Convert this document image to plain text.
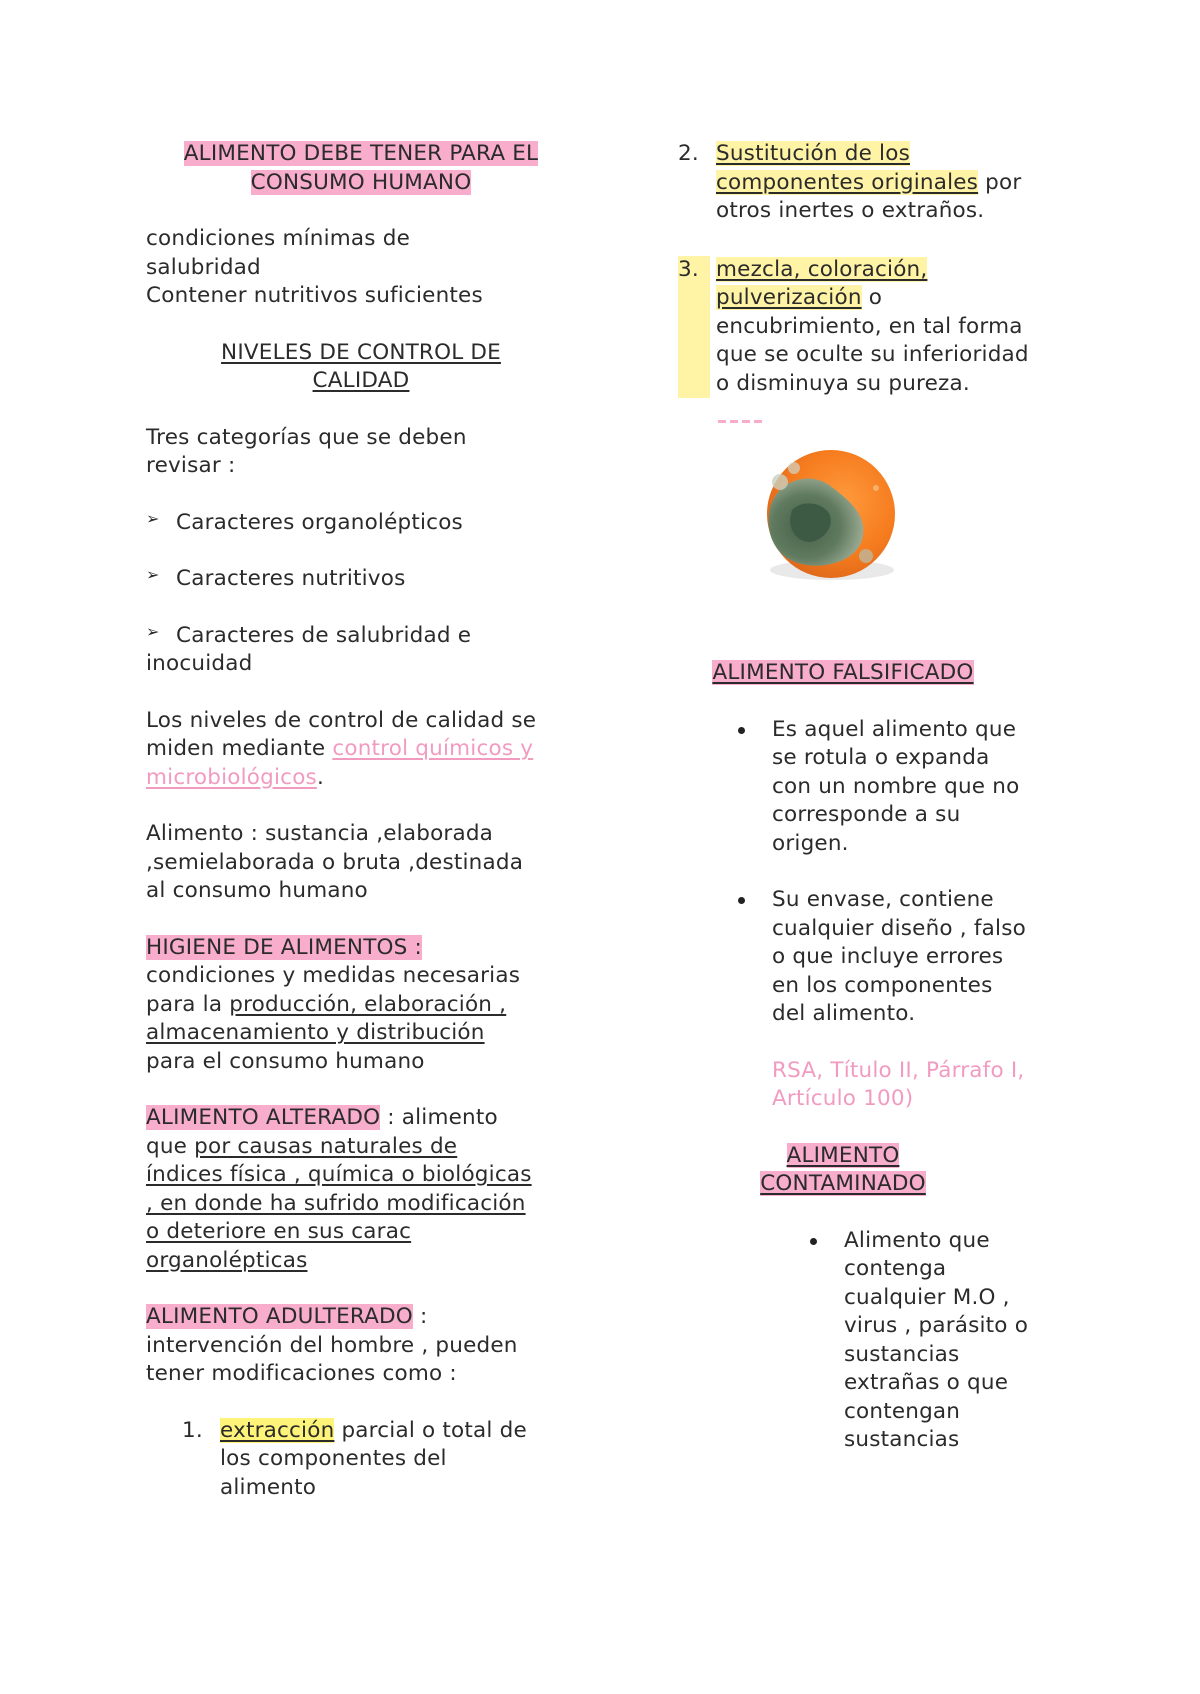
ALIMENTO DEBE TENER PARA EL

CONSUMO HUMANO

condiciones mínimas de

salubridad

Contener nutritivos suficientes

NIVELES DE CONTROL DE

CALIDAD

Tres categorías que se deben

revisar :

➢ Caracteres organolépticos
➢ Caracteres nutritivos
➢ Caracteres de salubridad e

inocuidad

Los niveles de control de calidad se

miden mediante control químicos y

microbiológicos.

Alimento : sustancia ,elaborada

,semielaborada o bruta ,destinada

al consumo humano

HIGIENE DE ALIMENTOS :

condiciones y medidas necesarias

para la producción, elaboración ,

almacenamiento y distribución

para el consumo humano

ALIMENTO ALTERADO : alimento

que por causas naturales de

índices física , química o biológicas

, en donde ha sufrido modificación

o deteriore en sus carac

organolépticas

ALIMENTO ADULTERADO :

intervención del hombre , pueden

tener modificaciones como :

1. extracción parcial o total de

los componentes del

alimento

2. Sustitución de los

componentes originales por

otros inertes o extraños.

3. mezcla, coloración,

pulverización o

encubrimiento, en tal forma

que se oculte su inferioridad

o disminuya su pureza.

ALIMENTO FALSIFICADO

Es aquel alimento que

se rotula o expanda

con un nombre que no

corresponde a su

origen.

Su envase, contiene

cualquier diseño , falso

o que incluye errores

en los componentes

del alimento.

RSA, Título II, Párrafo I,

Artículo 100)

ALIMENTO

CONTAMINADO

Alimento que

contenga

cualquier M.O ,

virus , parásito o

sustancias

extrañas o que

contengan

sustancias
